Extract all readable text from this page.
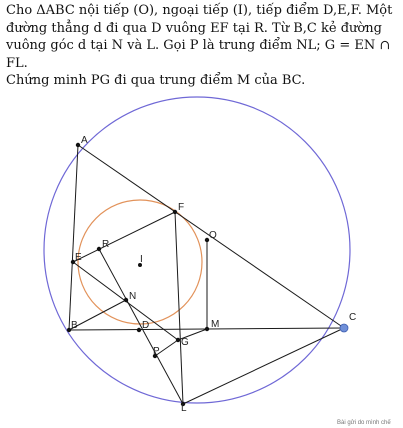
Cho ΔABC nội tiếp (O), ngoại tiếp (I), tiếp điểm D,E,F. Một
đường thẳng d đi qua D vuông EF tại R. Từ B,C kẻ đường
vuông góc d tại N và L. Gọi P là trung điểm NL; G = EN ∩ FL.
Chứng minh PG đi qua trung điểm M của BC.
A
B
C
D
E
F
I
O
R
N
M
P
G
L
Bài gửi do mình chế
